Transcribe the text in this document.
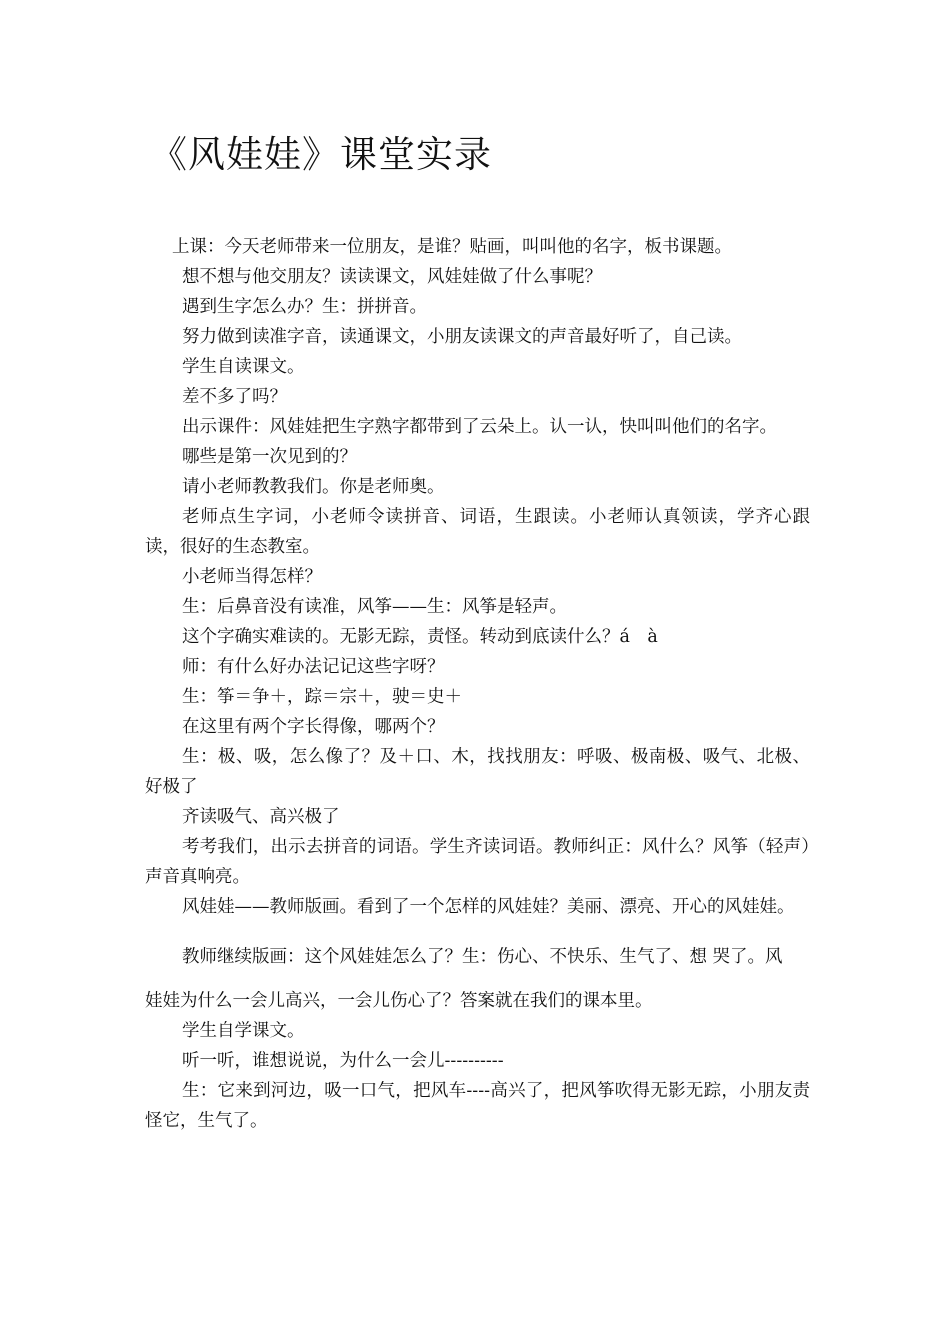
《风娃娃》课堂实录

上课：今天老师带来一位朋友，是谁？贴画，叫叫他的名字，板书课题。

想不想与他交朋友？读读课文，风娃娃做了什么事呢？

遇到生字怎么办？生：拼拼音。

努力做到读准字音，读通课文，小朋友读课文的声音最好听了，自己读。

学生自读课文。

差不多了吗？

出示课件：风娃娃把生字熟字都带到了云朵上。认一认，快叫叫他们的名字。

哪些是第一次见到的？

请小老师教教我们。你是老师奥。

老师点生字词，小老师令读拼音、词语，生跟读。小老师认真领读，学齐心跟读，很好的生态教室。

小老师当得怎样？

生：后鼻音没有读准，风筝——生：风筝是轻声。

这个字确实难读的。无影无踪，责怪。转动到底读什么？á　à

师：有什么好办法记记这些字呀？

生：筝＝争＋，踪＝宗＋，驶＝史＋

在这里有两个字长得像，哪两个？

生：极、吸，怎么像了？及＋口、木，找找朋友：呼吸、极南极、吸气、北极、好极了

齐读吸气、高兴极了

考考我们，出示去拼音的词语。学生齐读词语。教师纠正：风什么？风筝（轻声）声音真响亮。

风娃娃——教师版画。看到了一个怎样的风娃娃？美丽、漂亮、开心的风娃娃。

教师继续版画：这个风娃娃怎么了？生：伤心、不快乐、生气了、想 哭了。风

娃娃为什么一会儿高兴，一会儿伤心了？答案就在我们的课本里。

学生自学课文。

听一听，谁想说说，为什么一会儿----------

生：它来到河边，吸一口气，把风车----高兴了，把风筝吹得无影无踪，小朋友责怪它，生气了。
